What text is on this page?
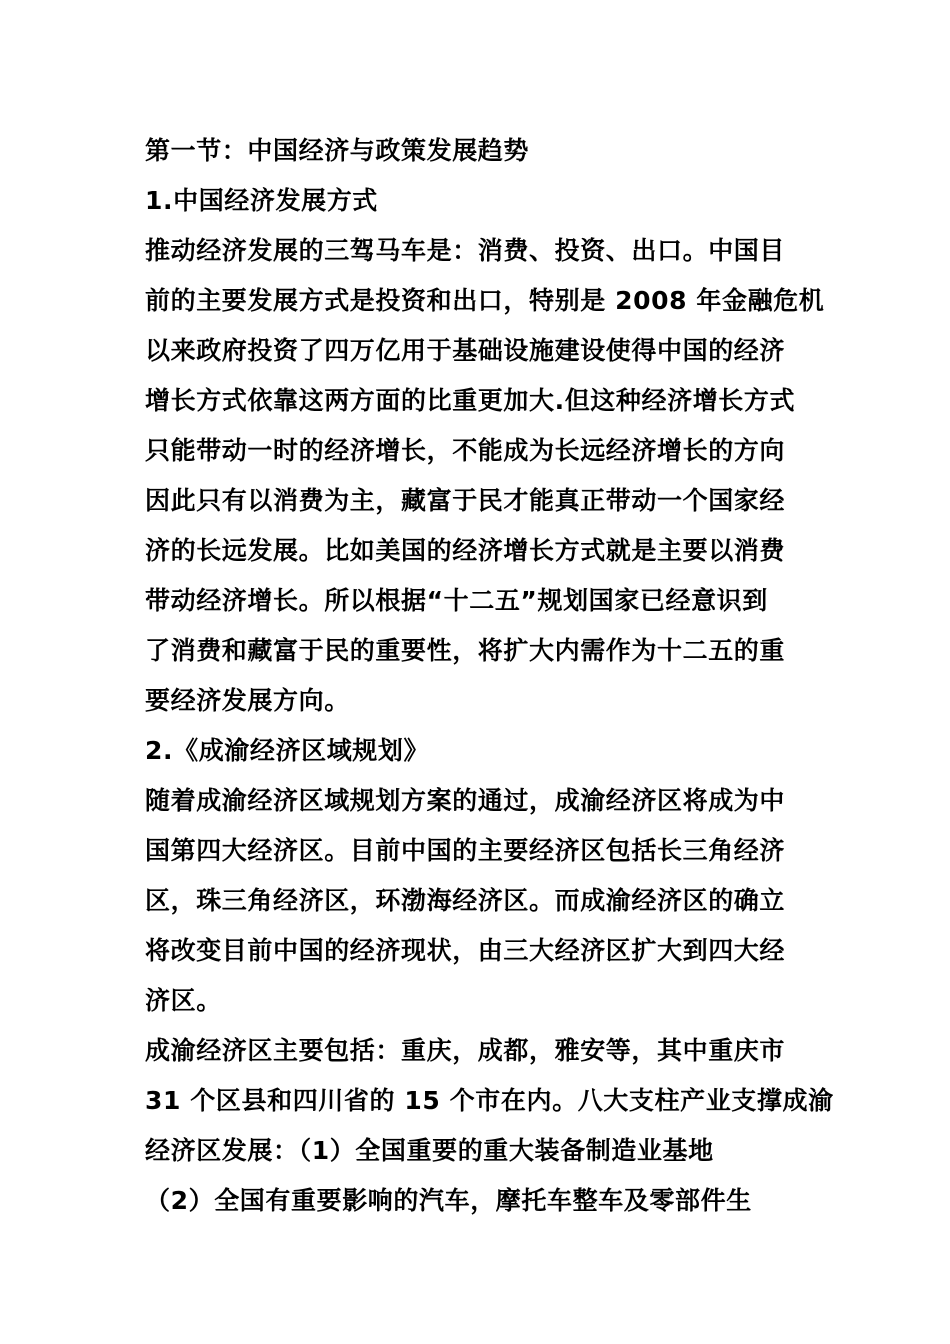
第一节：中国经济与政策发展趋势
1.中国经济发展方式
推动经济发展的三驾马车是：消费、投资、出口。中国目
前的主要发展方式是投资和出口，特别是 2008 年金融危机
以来政府投资了四万亿用于基础设施建设使得中国的经济
增长方式依靠这两方面的比重更加大.但这种经济增长方式
只能带动一时的经济增长，不能成为长远经济增长的方向
因此只有以消费为主，藏富于民才能真正带动一个国家经
济的长远发展。比如美国的经济增长方式就是主要以消费
带动经济增长。所以根据“十二五”规划国家已经意识到
了消费和藏富于民的重要性，将扩大内需作为十二五的重
要经济发展方向。
2.《成渝经济区域规划》
随着成渝经济区域规划方案的通过，成渝经济区将成为中
国第四大经济区。目前中国的主要经济区包括长三角经济
区，珠三角经济区，环渤海经济区。而成渝经济区的确立
将改变目前中国的经济现状，由三大经济区扩大到四大经
济区。
成渝经济区主要包括：重庆，成都，雅安等，其中重庆市
31 个区县和四川省的 15 个市在内。八大支柱产业支撑成渝
经济区发展：（1）全国重要的重大装备制造业基地
（2）全国有重要影响的汽车，摩托车整车及零部件生
